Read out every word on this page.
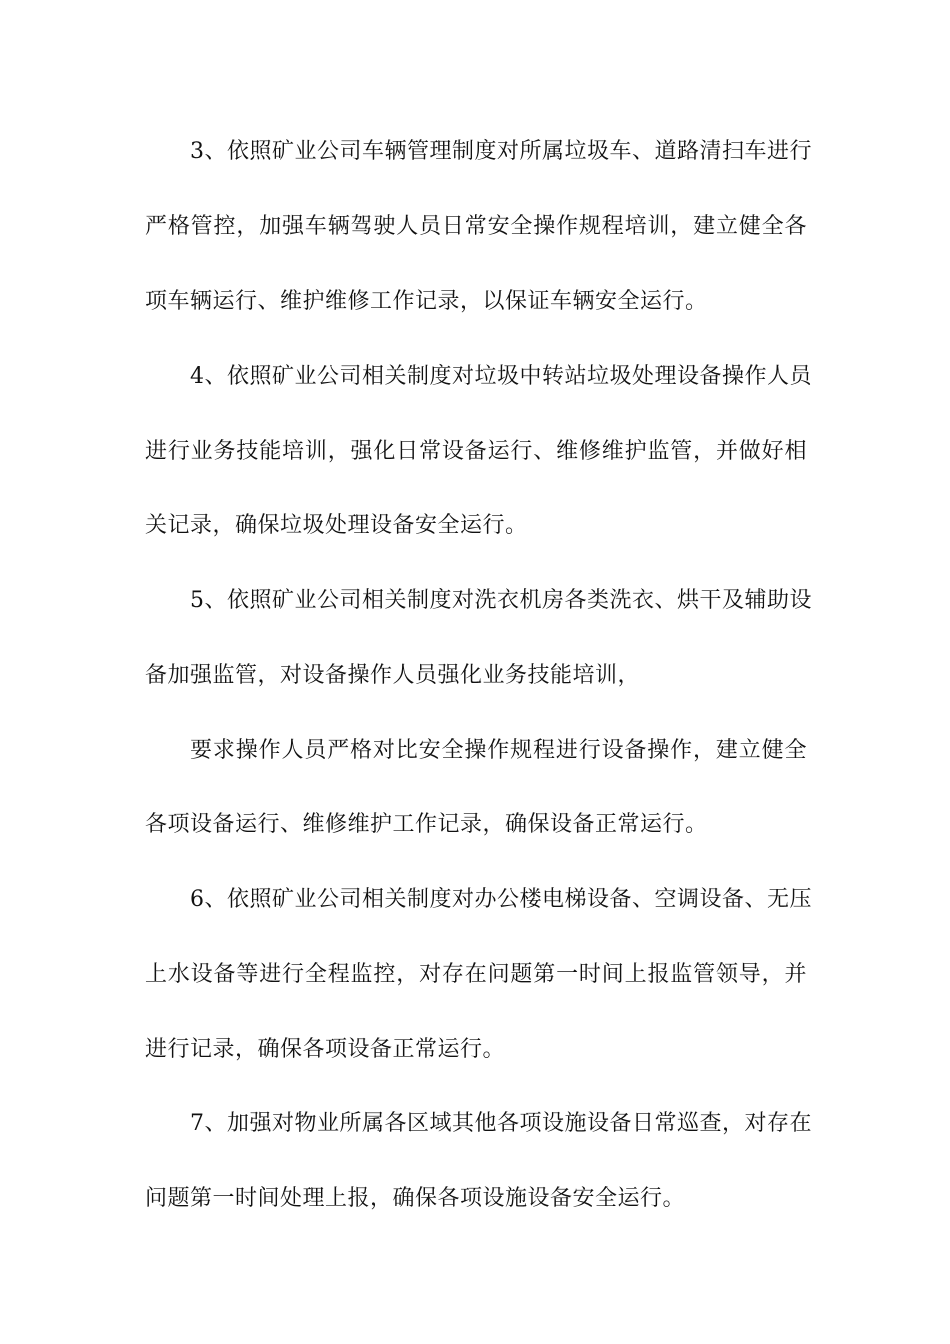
3、依照矿业公司车辆管理制度对所属垃圾车、道路清扫车进行
严格管控，加强车辆驾驶人员日常安全操作规程培训，建立健全各
项车辆运行、维护维修工作记录，以保证车辆安全运行。
4、依照矿业公司相关制度对垃圾中转站垃圾处理设备操作人员
进行业务技能培训，强化日常设备运行、维修维护监管，并做好相
关记录，确保垃圾处理设备安全运行。
5、依照矿业公司相关制度对洗衣机房各类洗衣、烘干及辅助设
备加强监管，对设备操作人员强化业务技能培训，
要求操作人员严格对比安全操作规程进行设备操作，建立健全
各项设备运行、维修维护工作记录，确保设备正常运行。
6、依照矿业公司相关制度对办公楼电梯设备、空调设备、无压
上水设备等进行全程监控，对存在问题第一时间上报监管领导，并
进行记录，确保各项设备正常运行。
7、加强对物业所属各区域其他各项设施设备日常巡查，对存在
问题第一时间处理上报，确保各项设施设备安全运行。
